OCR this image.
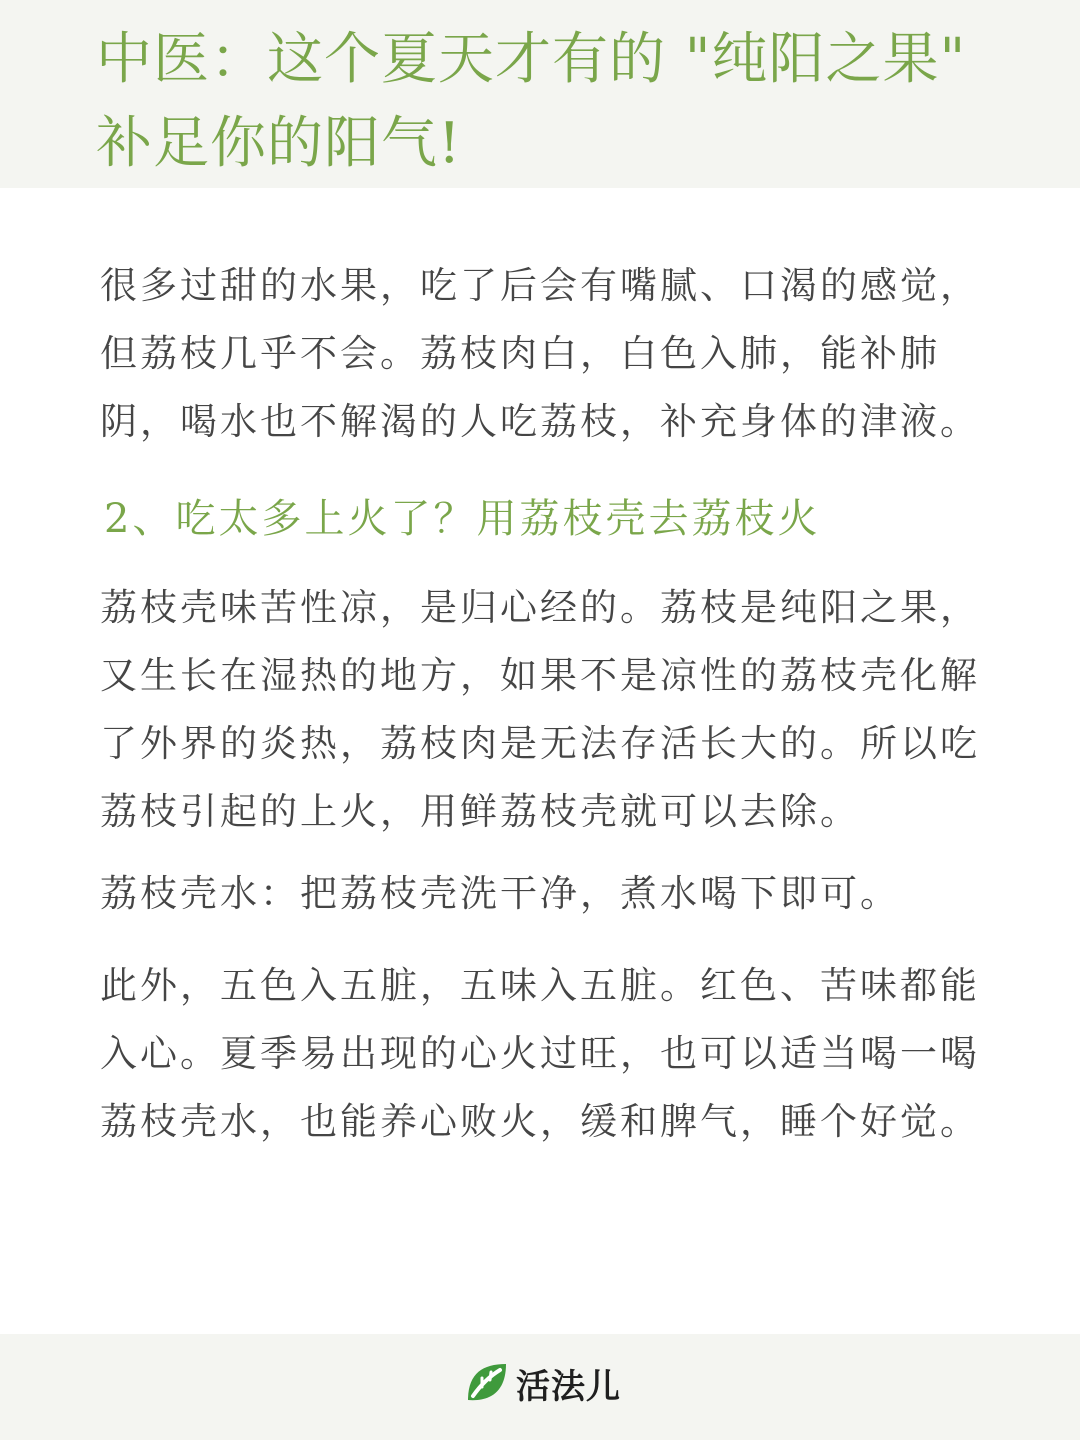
中医：这个夏天才有的 "纯阳之果"
补足你的阳气!

很多过甜的水果，吃了后会有嘴腻、口渴的感觉，但荔枝几乎不会。荔枝肉白，白色入肺，能补肺阴，喝水也不解渴的人吃荔枝，补充身体的津液。

2、吃太多上火了？用荔枝壳去荔枝火

荔枝壳味苦性凉，是归心经的。荔枝是纯阳之果，又生长在湿热的地方，如果不是凉性的荔枝壳化解了外界的炎热，荔枝肉是无法存活长大的。所以吃荔枝引起的上火，用鲜荔枝壳就可以去除。

荔枝壳水：把荔枝壳洗干净，煮水喝下即可。

此外，五色入五脏，五味入五脏。红色、苦味都能入心。夏季易出现的心火过旺，也可以适当喝一喝荔枝壳水，也能养心败火，缓和脾气，睡个好觉。

活法儿
